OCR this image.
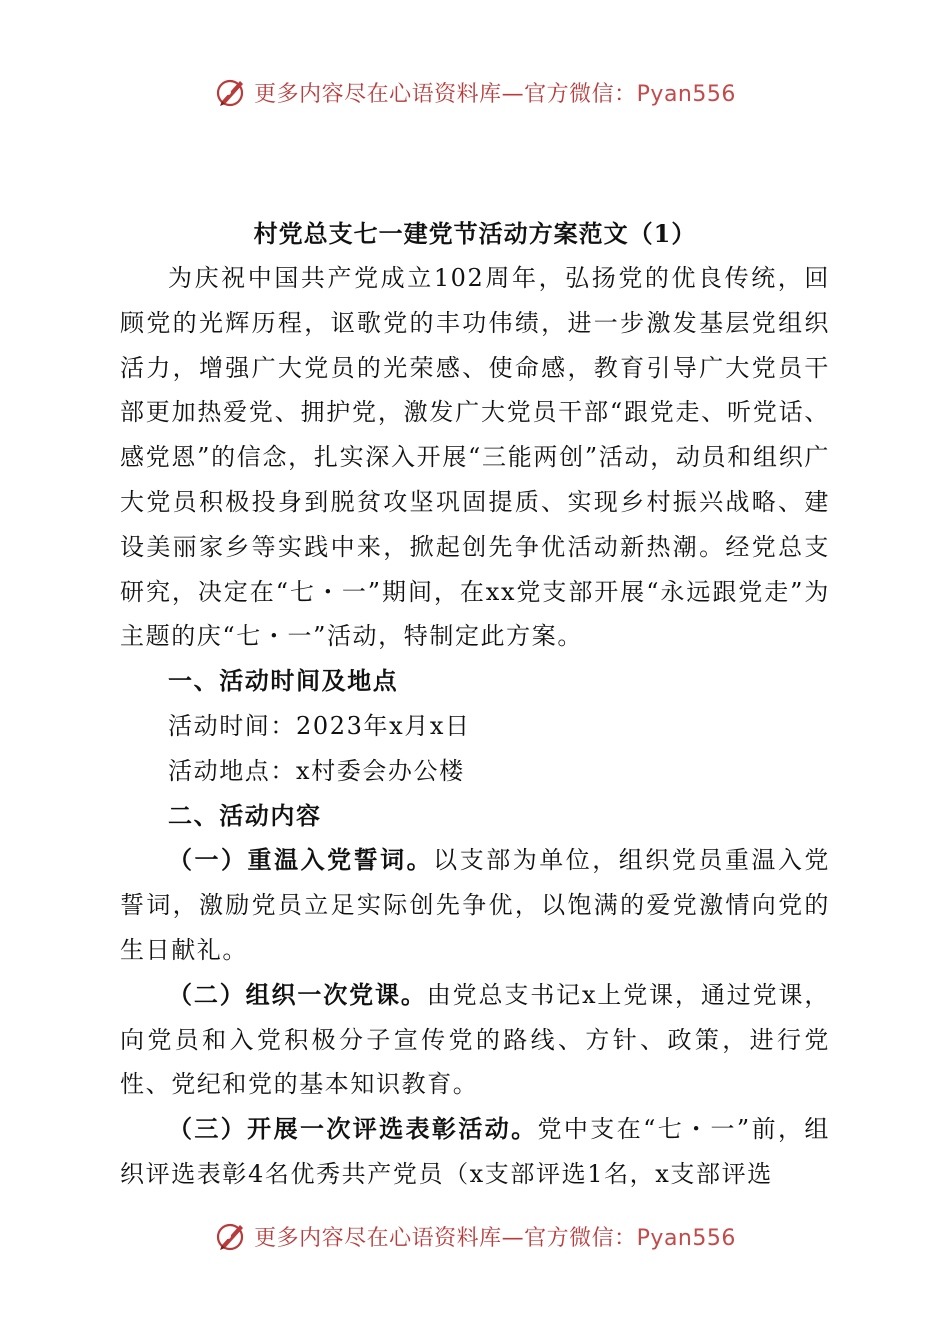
更多内容尽在心语资料库—官方微信：Pyan556

村党总支七一建党节活动方案范文（1）

为庆祝中国共产党成立102周年，弘扬党的优良传统，回顾党的光辉历程，讴歌党的丰功伟绩，进一步激发基层党组织活力，增强广大党员的光荣感、使命感，教育引导广大党员干部更加热爱党、拥护党，激发广大党员干部“跟党走、听党话、感党恩”的信念，扎实深入开展“三能两创”活动，动员和组织广大党员积极投身到脱贫攻坚巩固提质、实现乡村振兴战略、建设美丽家乡等实践中来，掀起创先争优活动新热潮。经党总支研究，决定在“七・一”期间，在xx党支部开展“永远跟党走”为主题的庆“七・一”活动，特制定此方案。

一、活动时间及地点

活动时间：2023年x月x日

活动地点：x村委会办公楼

二、活动内容

（一）重温入党誓词。以支部为单位，组织党员重温入党誓词，激励党员立足实际创先争优，以饱满的爱党激情向党的生日献礼。

（二）组织一次党课。由党总支书记x上党课，通过党课，向党员和入党积极分子宣传党的路线、方针、政策，进行党性、党纪和党的基本知识教育。

（三）开展一次评选表彰活动。党中支在“七・一”前，组织评选表彰4名优秀共产党员（x支部评选1名，x支部评选

更多内容尽在心语资料库—官方微信：Pyan556
